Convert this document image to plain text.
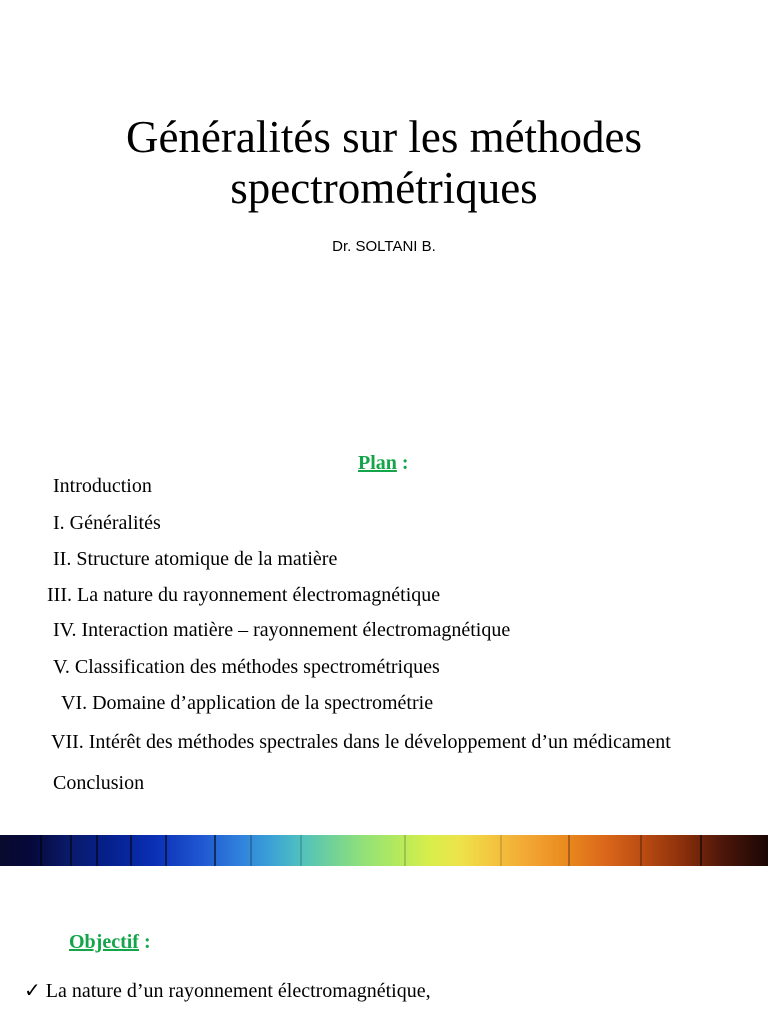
Généralités sur les méthodes
spectrométriques
Dr. SOLTANI B.
Plan :
Introduction
I. Généralités
II. Structure atomique de la matière
III. La nature du rayonnement électromagnétique
IV. Interaction matière – rayonnement électromagnétique
V. Classification des méthodes spectrométriques
VI. Domaine d’application de la spectrométrie
VII. Intérêt des méthodes spectrales dans le développement d’un médicament
Conclusion
Objectif :
✓ La nature d’un rayonnement électromagnétique,
